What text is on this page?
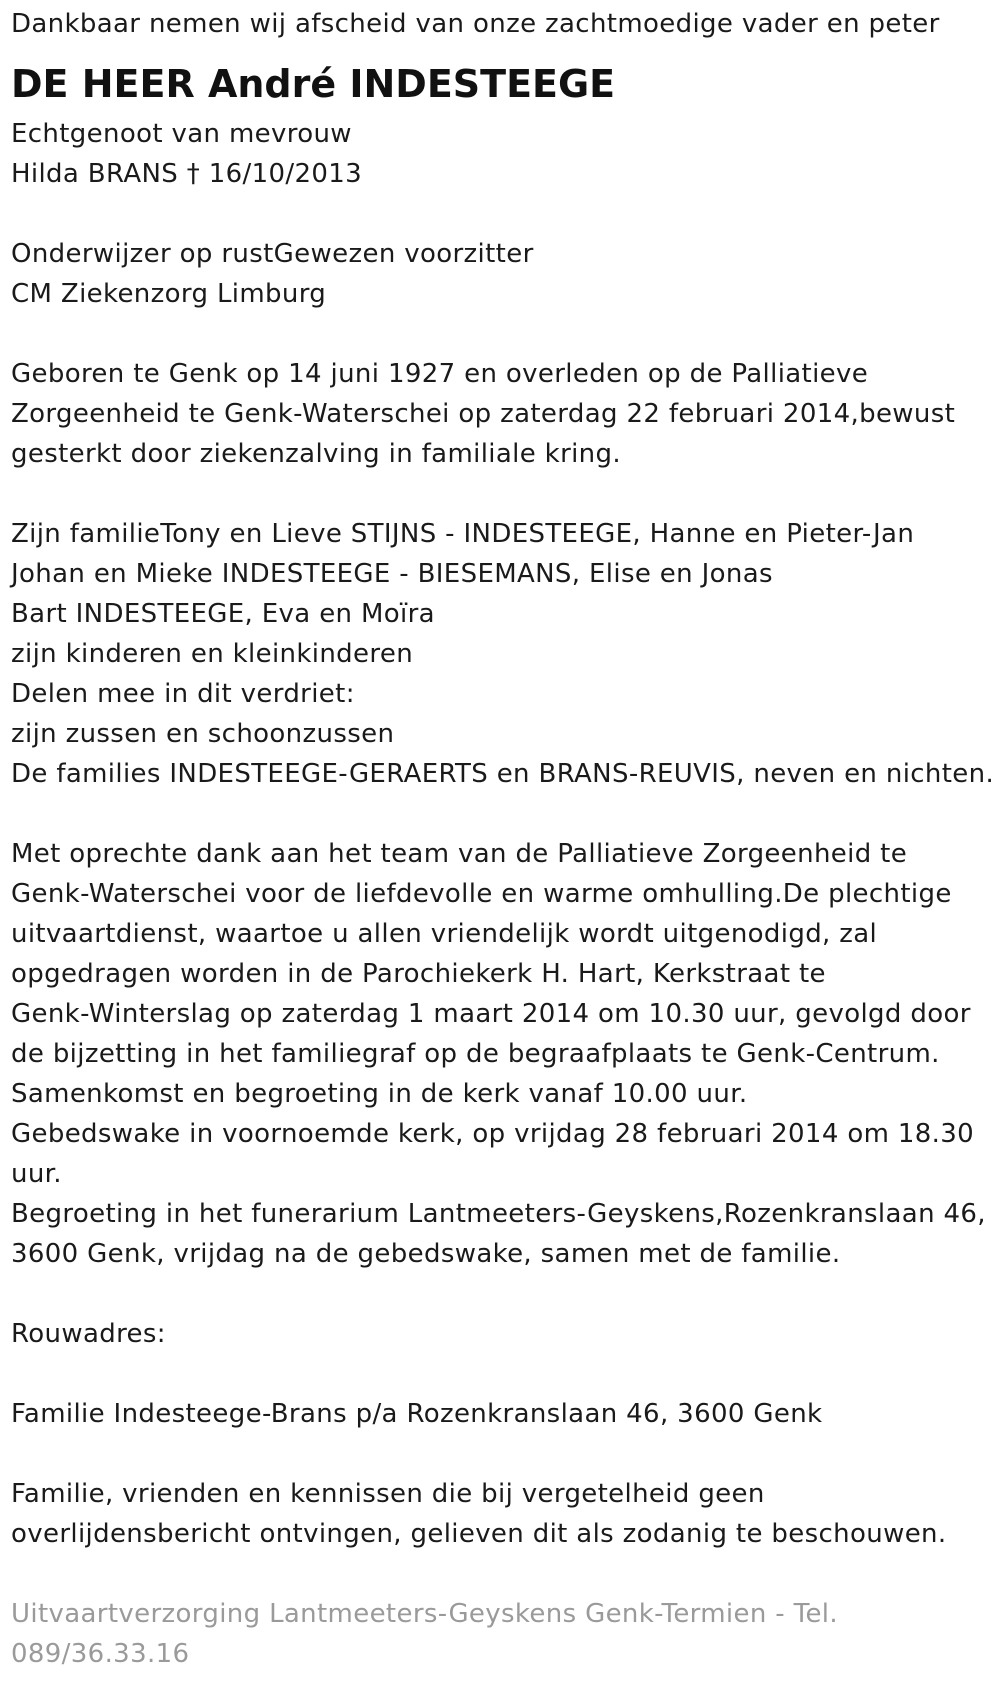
Dankbaar nemen wij afscheid van onze zachtmoedige vader en peter
DE HEER André INDESTEEGE
Echtgenoot van mevrouw
Hilda BRANS † 16/10/2013
Onderwijzer op rustGewezen voorzitter
CM Ziekenzorg Limburg
Geboren te Genk op 14 juni 1927 en overleden op de Palliatieve
Zorgeenheid te Genk-Waterschei op zaterdag 22 februari 2014,bewust
gesterkt door ziekenzalving in familiale kring.
Zijn familieTony en Lieve STIJNS - INDESTEEGE, Hanne en Pieter-Jan
Johan en Mieke INDESTEEGE - BIESEMANS, Elise en Jonas
Bart INDESTEEGE, Eva en Moïra
zijn kinderen en kleinkinderen
Delen mee in dit verdriet:
zijn zussen en schoonzussen
De families INDESTEEGE-GERAERTS en BRANS-REUVIS, neven en nichten.
Met oprechte dank aan het team van de Palliatieve Zorgeenheid te
Genk-Waterschei voor de liefdevolle en warme omhulling.De plechtige
uitvaartdienst, waartoe u allen vriendelijk wordt uitgenodigd, zal
opgedragen worden in de Parochiekerk H. Hart, Kerkstraat te
Genk-Winterslag op zaterdag 1 maart 2014 om 10.30 uur, gevolgd door
de bijzetting in het familiegraf op de begraafplaats te Genk-Centrum.
Samenkomst en begroeting in de kerk vanaf 10.00 uur.
Gebedswake in voornoemde kerk, op vrijdag 28 februari 2014 om 18.30
uur.
Begroeting in het funerarium Lantmeeters-Geyskens,Rozenkranslaan 46,
3600 Genk, vrijdag na de gebedswake, samen met de familie.
Rouwadres:
Familie Indesteege-Brans p/a Rozenkranslaan 46, 3600 Genk
Familie, vrienden en kennissen die bij vergetelheid geen
overlijdensbericht ontvingen, gelieven dit als zodanig te beschouwen.
Uitvaartverzorging Lantmeeters-Geyskens Genk-Termien - Tel.
089/36.33.16
